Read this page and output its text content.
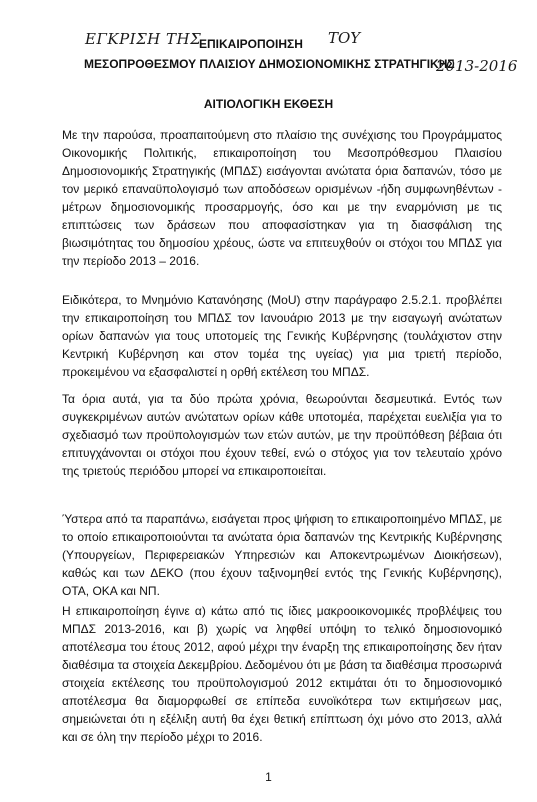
ΕΓΚΡΙΣΗ ΤΗΣ
ΕΠΙΚΑΙΡΟΠΟΙΗΣΗ ΤΟΥ
ΜΕΣΟΠΡΟΘΕΣΜΟΥ ΠΛΑΙΣΙΟΥ ΔΗΜΟΣΙΟΝΟΜΙΚΗΣ ΣΤΡΑΤΗΓΙΚΗΣ
2013-2016
ΑΙΤΙΟΛΟΓΙΚΗ ΕΚΘΕΣΗ
Με την παρούσα, προαπαιτούμενη στο πλαίσιο της συνέχισης του Προγράμματος Οικονομικής Πολιτικής, επικαιροποίηση του Μεσοπρόθεσμου Πλαισίου Δημοσιονομικής Στρατηγικής (ΜΠΔΣ) εισάγονται ανώτατα όρια δαπανών, τόσο με τον μερικό επαναϋπολογισμό των αποδόσεων ορισμένων -ήδη συμφωνηθέντων - μέτρων δημοσιονομικής προσαρμογής, όσο και με την εναρμόνιση με τις επιπτώσεις των δράσεων που αποφασίστηκαν για τη διασφάλιση της βιωσιμότητας του δημοσίου χρέους, ώστε να επιτευχθούν οι στόχοι του ΜΠΔΣ για την περίοδο 2013 – 2016.
Ειδικότερα, το Μνημόνιο Κατανόησης (MoU) στην παράγραφο 2.5.2.1. προβλέπει την επικαιροποίηση του ΜΠΔΣ τον Ιανουάριο 2013 με την εισαγωγή ανώτατων ορίων δαπανών για τους υποτομείς της Γενικής Κυβέρνησης (τουλάχιστον στην Κεντρική Κυβέρνηση και στον τομέα της υγείας) για μια τριετή περίοδο, προκειμένου να εξασφαλιστεί η ορθή εκτέλεση του ΜΠΔΣ.
Τα όρια αυτά, για τα δύο πρώτα χρόνια, θεωρούνται δεσμευτικά. Εντός των συγκεκριμένων αυτών ανώτατων ορίων κάθε υποτομέα, παρέχεται ευελιξία για το σχεδιασμό των προϋπολογισμών των ετών αυτών, με την προϋπόθεση βέβαια ότι επιτυγχάνονται οι στόχοι που έχουν τεθεί, ενώ ο στόχος για τον τελευταίο χρόνο της τριετούς περιόδου μπορεί να επικαιροποιείται.
Ύστερα από τα παραπάνω, εισάγεται προς ψήφιση το επικαιροποιημένο ΜΠΔΣ, με το οποίο επικαιροποιούνται τα ανώτατα όρια δαπανών της Κεντρικής Κυβέρνησης (Υπουργείων, Περιφερειακών Υπηρεσιών και Αποκεντρωμένων Διοικήσεων), καθώς και των ΔΕΚΟ (που έχουν ταξινομηθεί εντός της Γενικής Κυβέρνησης), ΟΤΑ, ΟΚΑ και ΝΠ.
Η επικαιροποίηση έγινε α) κάτω από τις ίδιες μακροοικονομικές προβλέψεις του ΜΠΔΣ 2013-2016, και β) χωρίς να ληφθεί υπόψη το τελικό δημοσιονομικό αποτέλεσμα του έτους 2012, αφού μέχρι την έναρξη της επικαιροποίησης δεν ήταν διαθέσιμα τα στοιχεία Δεκεμβρίου. Δεδομένου ότι με βάση τα διαθέσιμα προσωρινά στοιχεία εκτέλεσης του προϋπολογισμού 2012 εκτιμάται ότι το δημοσιονομικό αποτέλεσμα θα διαμορφωθεί σε επίπεδα ευνοϊκότερα των εκτιμήσεων μας, σημειώνεται ότι η εξέλιξη αυτή θα έχει θετική επίπτωση όχι μόνο στο 2013, αλλά και σε όλη την περίοδο μέχρι το 2016.
1
